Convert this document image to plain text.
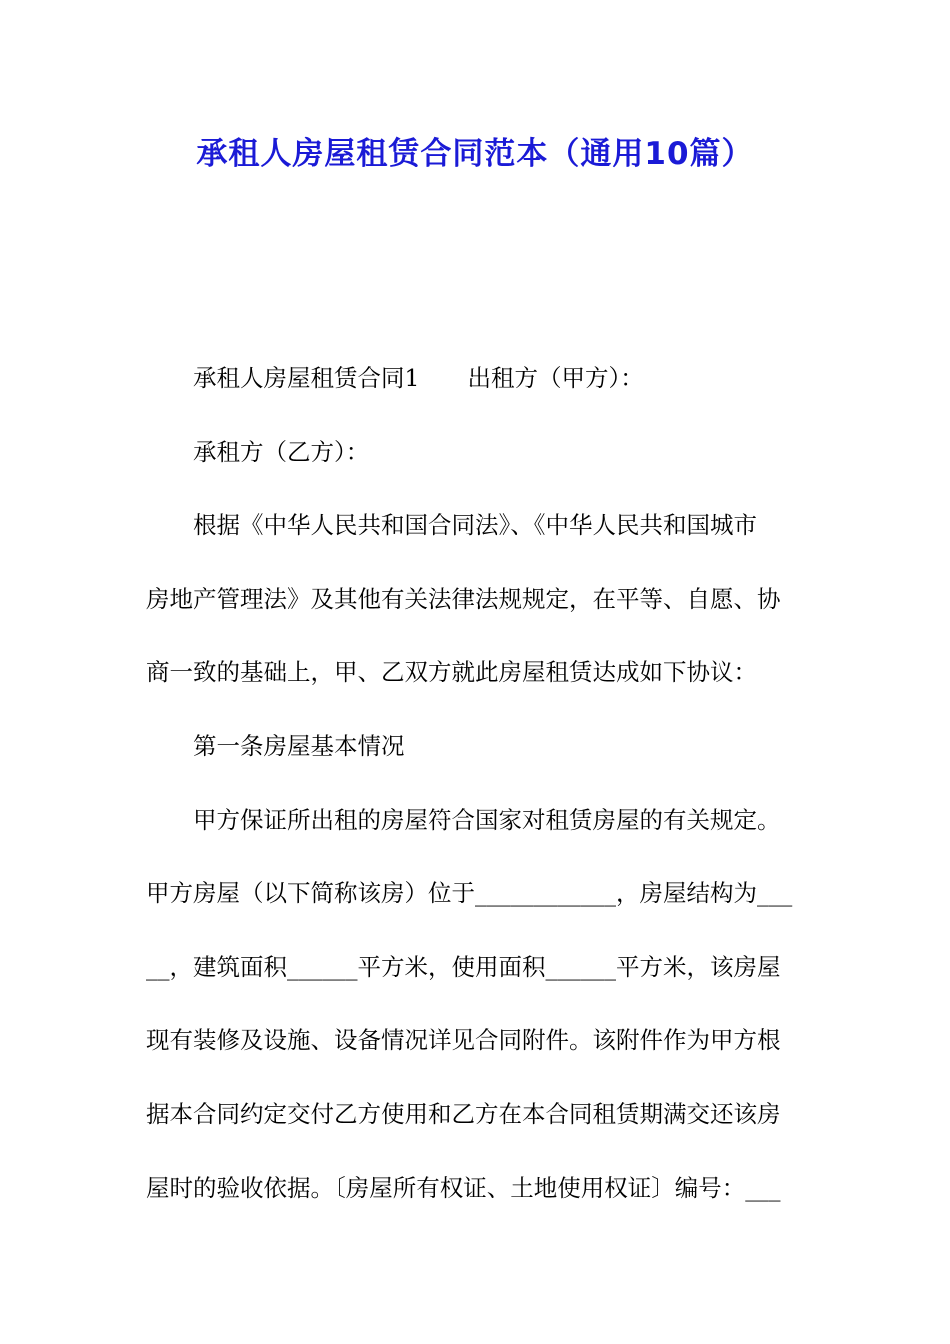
承租人房屋租赁合同范本（通用10篇）

承租人房屋租赁合同1 出租方（甲方）：

承租方（乙方）：

根据《中华人民共和国合同法》、《中华人民共和国城市
房地产管理法》及其他有关法律法规规定，在平等、自愿、协
商一致的基础上，甲、乙双方就此房屋租赁达成如下协议：

第一条房屋基本情况

甲方保证所出租的房屋符合国家对租赁房屋的有关规定。
甲方房屋（以下简称该房）位于____________，房屋结构为___
__，建筑面积______平方米，使用面积______平方米，该房屋
现有装修及设施、设备情况详见合同附件。该附件作为甲方根
据本合同约定交付乙方使用和乙方在本合同租赁期满交还该房
屋时的验收依据。〔房屋所有权证、土地使用权证〕编号：___
